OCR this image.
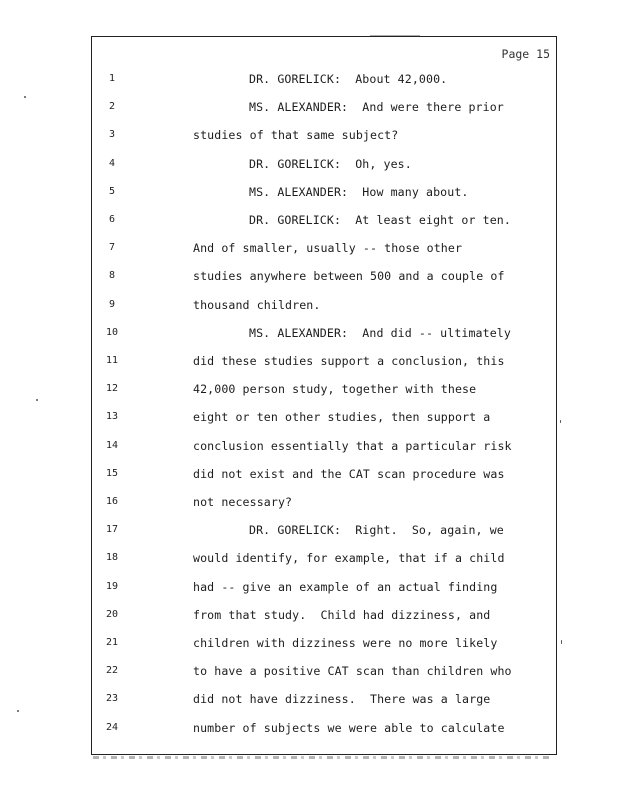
Page 15
1
2
3
4
5
6
7
8
9
10
11
12
13
14
15
16
17
18
19
20
21
22
23
24
DR. GORELICK:  About 42,000.
MS. ALEXANDER:  And were there prior
studies of that same subject?
DR. GORELICK:  Oh, yes.
MS. ALEXANDER:  How many about.
DR. GORELICK:  At least eight or ten.
And of smaller, usually -- those other
studies anywhere between 500 and a couple of
thousand children.
MS. ALEXANDER:  And did -- ultimately
did these studies support a conclusion, this
42,000 person study, together with these
eight or ten other studies, then support a
conclusion essentially that a particular risk
did not exist and the CAT scan procedure was
not necessary?
DR. GORELICK:  Right.  So, again, we
would identify, for example, that if a child
had -- give an example of an actual finding
from that study.  Child had dizziness, and
children with dizziness were no more likely
to have a positive CAT scan than children who
did not have dizziness.  There was a large
number of subjects we were able to calculate
